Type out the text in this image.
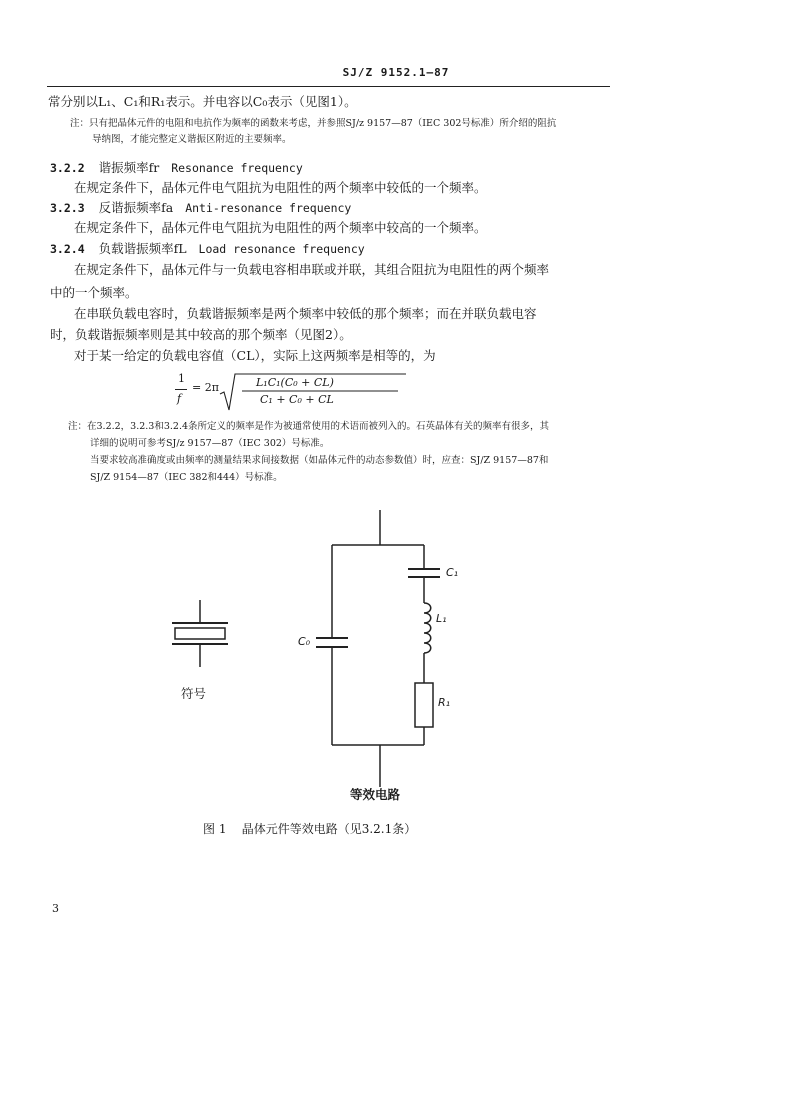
SJ/Z 9152.1—87
常分别以L₁、C₁和R₁表示。并电容以C₀表示（见图1）。
注：只有把晶体元件的电阻和电抗作为频率的函数来考虑，并参照SJ/z 9157—87（IEC 302号标准）所介绍的阻抗
导纳图，才能完整定义谐振区附近的主要频率。
3.2.2 谐振频率fr Resonance frequency
在规定条件下，晶体元件电气阻抗为电阻性的两个频率中较低的一个频率。
3.2.3 反谐振频率fa Anti-resonance frequency
在规定条件下，晶体元件电气阻抗为电阻性的两个频率中较高的一个频率。
3.2.4 负载谐振频率fL Load resonance frequency
在规定条件下，晶体元件与一负载电容相串联或并联，其组合阻抗为电阻性的两个频率
中的一个频率。
在串联负载电容时，负载谐振频率是两个频率中较低的那个频率；而在并联负载电容
时，负载谐振频率则是其中较高的那个频率（见图2）。
对于某一给定的负载电容值（CL），实际上这两频率是相等的，为
1
f
= 2π	L₁C₁(C₀ + CL)
C₁ + C₀ + CL
注：在3.2.2，3.2.3和3.2.4条所定义的频率是作为被通常使用的术语而被列入的。石英晶体有关的频率有很多，其
详细的说明可参考SJ/z 9157—87（IEC 302）号标准。
当要求较高准确度或由频率的测量结果求间接数据（如晶体元件的动态参数值）时，应查：SJ/Z 9157—87和
SJ/Z 9154—87（IEC 382和444）号标准。
符号
C₀
C₁
L₁
R₁
等效电路
图 1    晶体元件等效电路（见3.2.1条）
3
